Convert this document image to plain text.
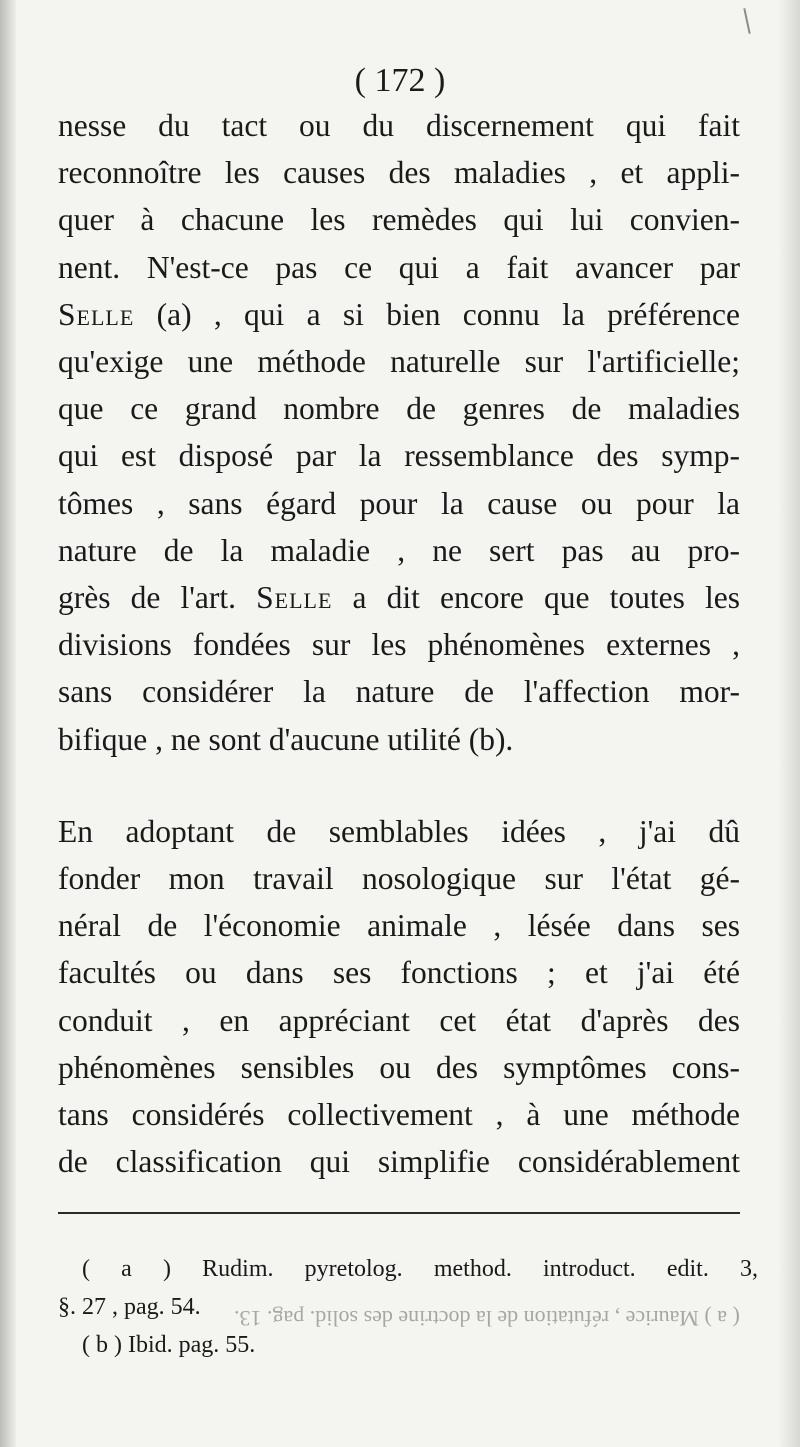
( 172 )
nesse du tact ou du discernement qui fait
reconnoître les causes des maladies , et appli-
quer à chacune les remèdes qui lui convien-
nent. N'est-ce pas ce qui a fait avancer par
Selle (a) , qui a si bien connu la préférence
qu'exige une méthode naturelle sur l'artificielle;
que ce grand nombre de genres de maladies
qui est disposé par la ressemblance des symp-
tômes , sans égard pour la cause ou pour la
nature de la maladie , ne sert pas au pro-
grès de l'art. Selle a dit encore que toutes les
divisions fondées sur les phénomènes externes ,
sans considérer la nature de l'affection mor-
bifique , ne sont d'aucune utilité (b).
En adoptant de semblables idées , j'ai dû
fonder mon travail nosologique sur l'état gé-
néral de l'économie animale , lésée dans ses
facultés ou dans ses fonctions ; et j'ai été
conduit , en appréciant cet état d'après des
phénomènes sensibles ou des symptômes cons-
tans considérés collectivement , à une méthode
de classification qui simplifie considérablement
( a ) Rudim. pyretolog. method. introduct. edit. 3,
§. 27 , pag. 54.
( b ) Ibid. pag. 55.
( a ) Maurice , réfutation de la doctrine des solid. pag. 13.
